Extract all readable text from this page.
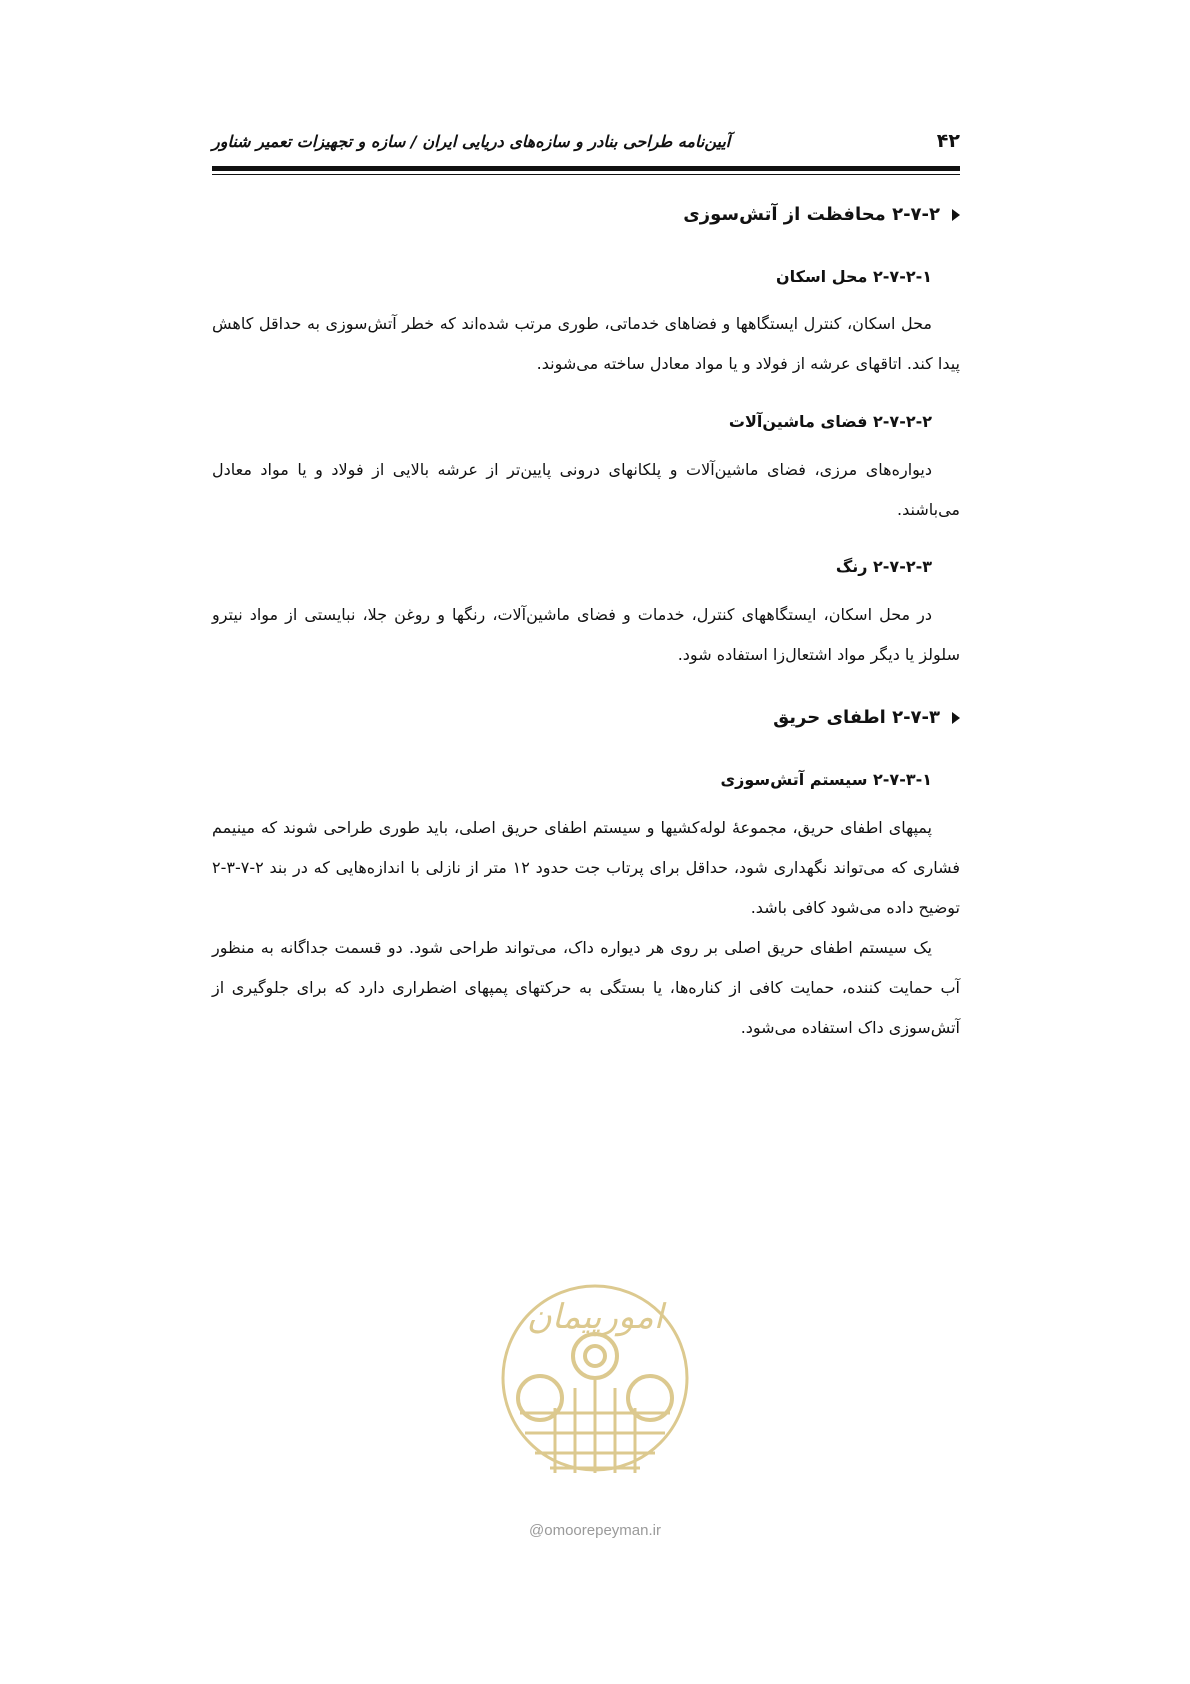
۴۲
آیین‌نامه طراحی بنادر و سازه‌های دریایی ایران / سازه و تجهیزات تعمیر شناور
۲-۷-۲ محافظت از آتش‌سوزی
۲-۷-۲-۱ محل اسکان
محل اسکان، کنترل ایستگاهها و فضاهای خدماتی، طوری مرتب شده‌اند که خطر آتش‌سوزی به حداقل کاهش پیدا کند. اتاقهای عرشه از فولاد و یا مواد معادل ساخته می‌شوند.
۲-۷-۲-۲ فضای ماشین‌آلات
دیواره‌های مرزی، فضای ماشین‌آلات و پلکانهای درونی پایین‌تر از عرشه بالایی از فولاد و یا مواد معادل می‌باشند.
۲-۷-۲-۳ رنگ
در محل اسکان، ایستگاههای کنترل، خدمات و فضای ماشین‌آلات، رنگها و روغن جلا، نبایستی از مواد نیترو سلولز یا دیگر مواد اشتعال‌زا استفاده شود.
۲-۷-۳ اطفای حریق
۲-۷-۳-۱ سیستم آتش‌سوزی
پمپهای اطفای حریق، مجموعهٔ لوله‌کشیها و سیستم اطفای حریق اصلی، باید طوری طراحی شوند که مینیمم فشاری که می‌تواند نگهداری شود، حداقل برای پرتاب جت حدود ۱۲ متر از نازلی با اندازه‌هایی که در بند ۲-۷-۳-۲ توضیح داده می‌شود کافی باشد.
یک سیستم اطفای حریق اصلی بر روی هر دیواره داک، می‌تواند طراحی شود. دو قسمت جداگانه به منظور آب حمایت کننده، حمایت کافی از کناره‌ها، یا بستگی به حرکتهای پمپهای اضطراری دارد که برای جلوگیری از آتش‌سوزی داک استفاده می‌شود.
امورپیمان
@omoorepeyman.ir
